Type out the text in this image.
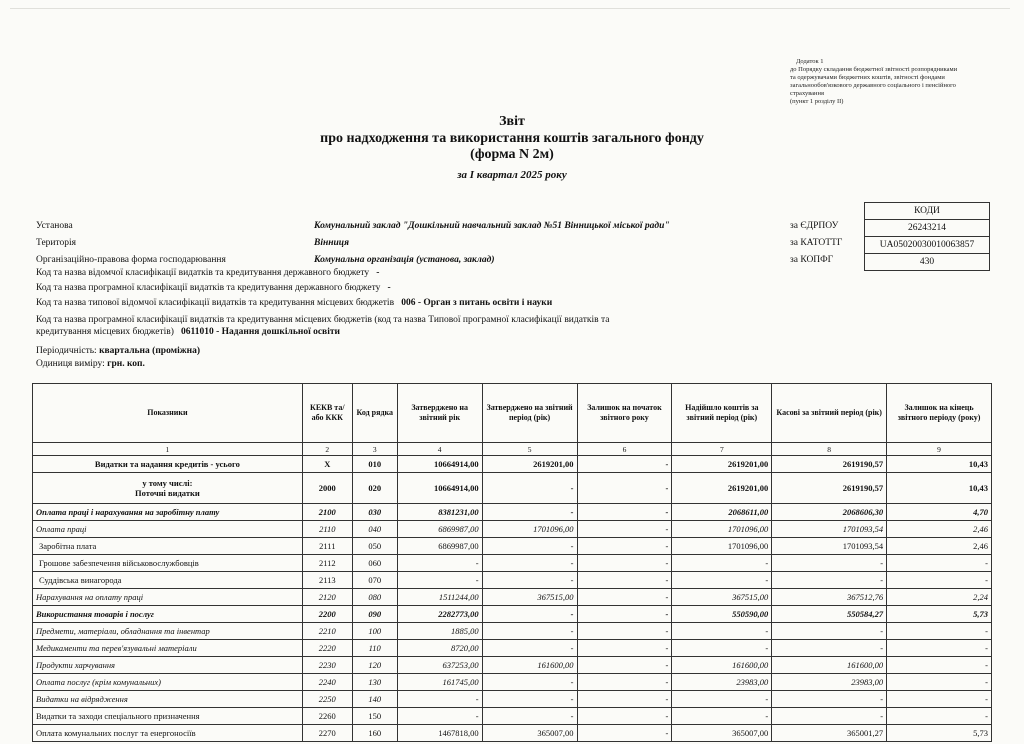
Додаток 1
до Порядку складання бюджетної звітності розпорядниками
та одержувачами бюджетних коштів, звітності фондами
загальнообов'язкового державного соціального і пенсійного
страхування
(пункт 1 розділу II)
Звіт
про надходження та використання коштів загального фонду
(форма N 2м)
за I квартал 2025 року
КОДИ
26243214
UA05020030010063857
430
Установа	Комунальний заклад "Дошкільний навчальний заклад №51 Вінницької міської ради"	за ЄДРПОУ
Територія	Вінниця	за КАТОТТГ
Організаційно-правова форма господарювання	Комунальна організація (установа, заклад)	за КОПФГ
Код та назва відомчої класифікації видатків та кредитування державного бюджету -
Код та назва програмної класифікації видатків та кредитування державного бюджету -
Код та назва типової відомчої класифікації видатків та кредитування місцевих бюджетів 006 - Орган з питань освіти і науки
Код та назва програмної класифікації видатків та кредитування місцевих бюджетів (код та назва Типової програмної класифікації видатків та
кредитування місцевих бюджетів) 0611010 - Надання дошкільної освіти
Періодичність: квартальна (проміжна)
Одиниця виміру: грн. коп.
Показники	КЕКВ та/або ККК	Код рядка	Затверджено на звітний рік	Затверджено на звітний період (рік)	Залишок на початок звітного року	Надійшло коштів за звітний період (рік)	Касові за звітний період (рік)	Залишок на кінець звітного періоду (року)
1	2	3	4	5	6	7	8	9
Видатки та надання кредитів - усього	X	010	10664914,00	2619201,00	-	2619201,00	2619190,57	10,43
у тому числі:
Поточні видатки	2000	020	10664914,00	-	-	2619201,00	2619190,57	10,43
Оплата праці і нарахування на заробітну плату	2100	030	8381231,00	-	-	2068611,00	2068606,30	4,70
Оплата праці	2110	040	6869987,00	1701096,00	-	1701096,00	1701093,54	2,46
Заробітна плата	2111	050	6869987,00	-	-	1701096,00	1701093,54	2,46
Грошове забезпечення військовослужбовців	2112	060	-	-	-	-	-	-
Суддівська винагорода	2113	070	-	-	-	-	-	-
Нарахування на оплату праці	2120	080	1511244,00	367515,00	-	367515,00	367512,76	2,24
Використання товарів і послуг	2200	090	2282773,00	-	-	550590,00	550584,27	5,73
Предмети, матеріали, обладнання та інвентар	2210	100	1885,00	-	-	-	-	-
Медикаменти та перев'язувальні матеріали	2220	110	8720,00	-	-	-	-	-
Продукти харчування	2230	120	637253,00	161600,00	-	161600,00	161600,00	-
Оплата послуг (крім комунальних)	2240	130	161745,00	-	-	23983,00	23983,00	-
Видатки на відрядження	2250	140	-	-	-	-	-	-
Видатки та заходи спеціального призначення	2260	150	-	-	-	-	-	-
Оплата комунальних послуг та енергоносіїв	2270	160	1467818,00	365007,00	-	365007,00	365001,27	5,73
